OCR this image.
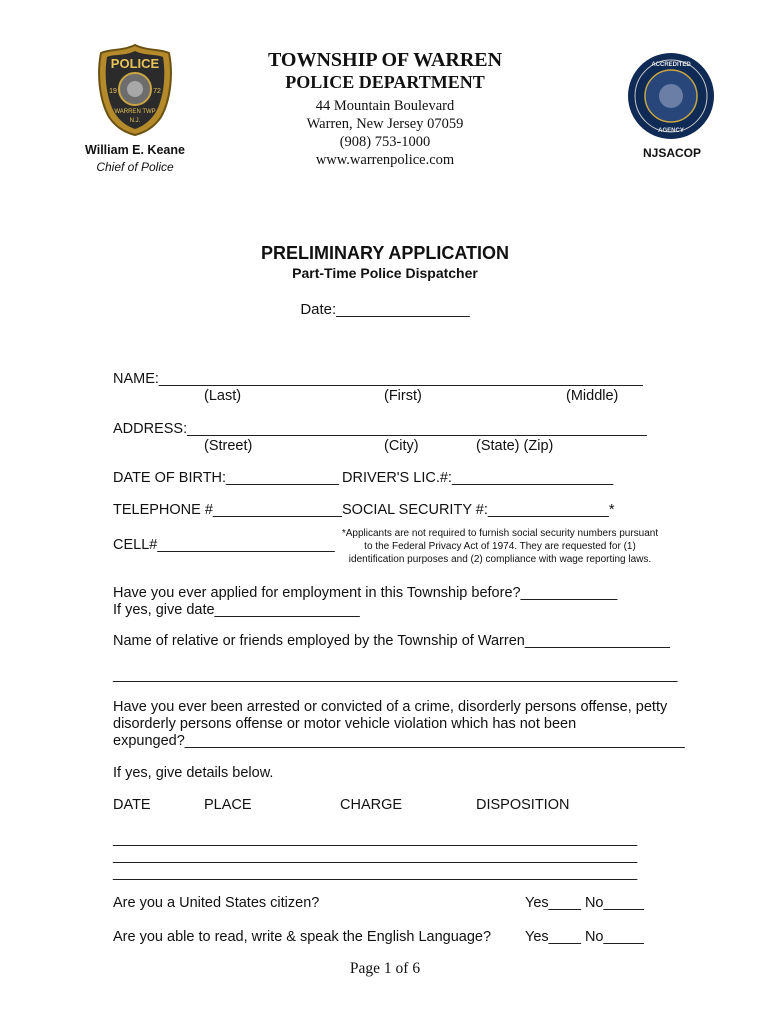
POLICE
19	72
WARREN TWP
N.J.
ACCREDITED
AGENCY
TOWNSHIP OF WARREN
POLICE DEPARTMENT
44 Mountain Boulevard
Warren, New Jersey 07059
(908) 753-1000
www.warrenpolice.com
William E. Keane
Chief of Police
NJSACOP
PRELIMINARY APPLICATION
Part-Time Police Dispatcher
Date:________________
NAME:____________________________________________________________
(Last)	(First)	(Middle)
ADDRESS:_________________________________________________________
(Street)	(City)	(State) (Zip)
DATE OF BIRTH:______________ DRIVER'S LIC.#:____________________
TELEPHONE #________________ SOCIAL SECURITY #:_______________*
CELL#______________________
*Applicants are not required to furnish social security numbers pursuant
to the Federal Privacy Act of 1974. They are requested for (1)
identification purposes and (2) compliance with wage reporting laws.
Have you ever applied for employment in this Township before?____________
If yes, give date__________________
Name of relative or friends employed by the Township of Warren__________________
______________________________________________________________________
Have you ever been arrested or convicted of a crime, disorderly persons offense, petty
disorderly persons offense or motor vehicle violation which has not been
expunged?______________________________________________________________
If yes, give details below.
DATE	PLACE	CHARGE	DISPOSITION
_________________________________________________________________
_________________________________________________________________
_________________________________________________________________
Are you a United States citizen?	Yes____ No_____
Are you able to read, write & speak the English Language? Yes____ No_____
Page 1 of 6
